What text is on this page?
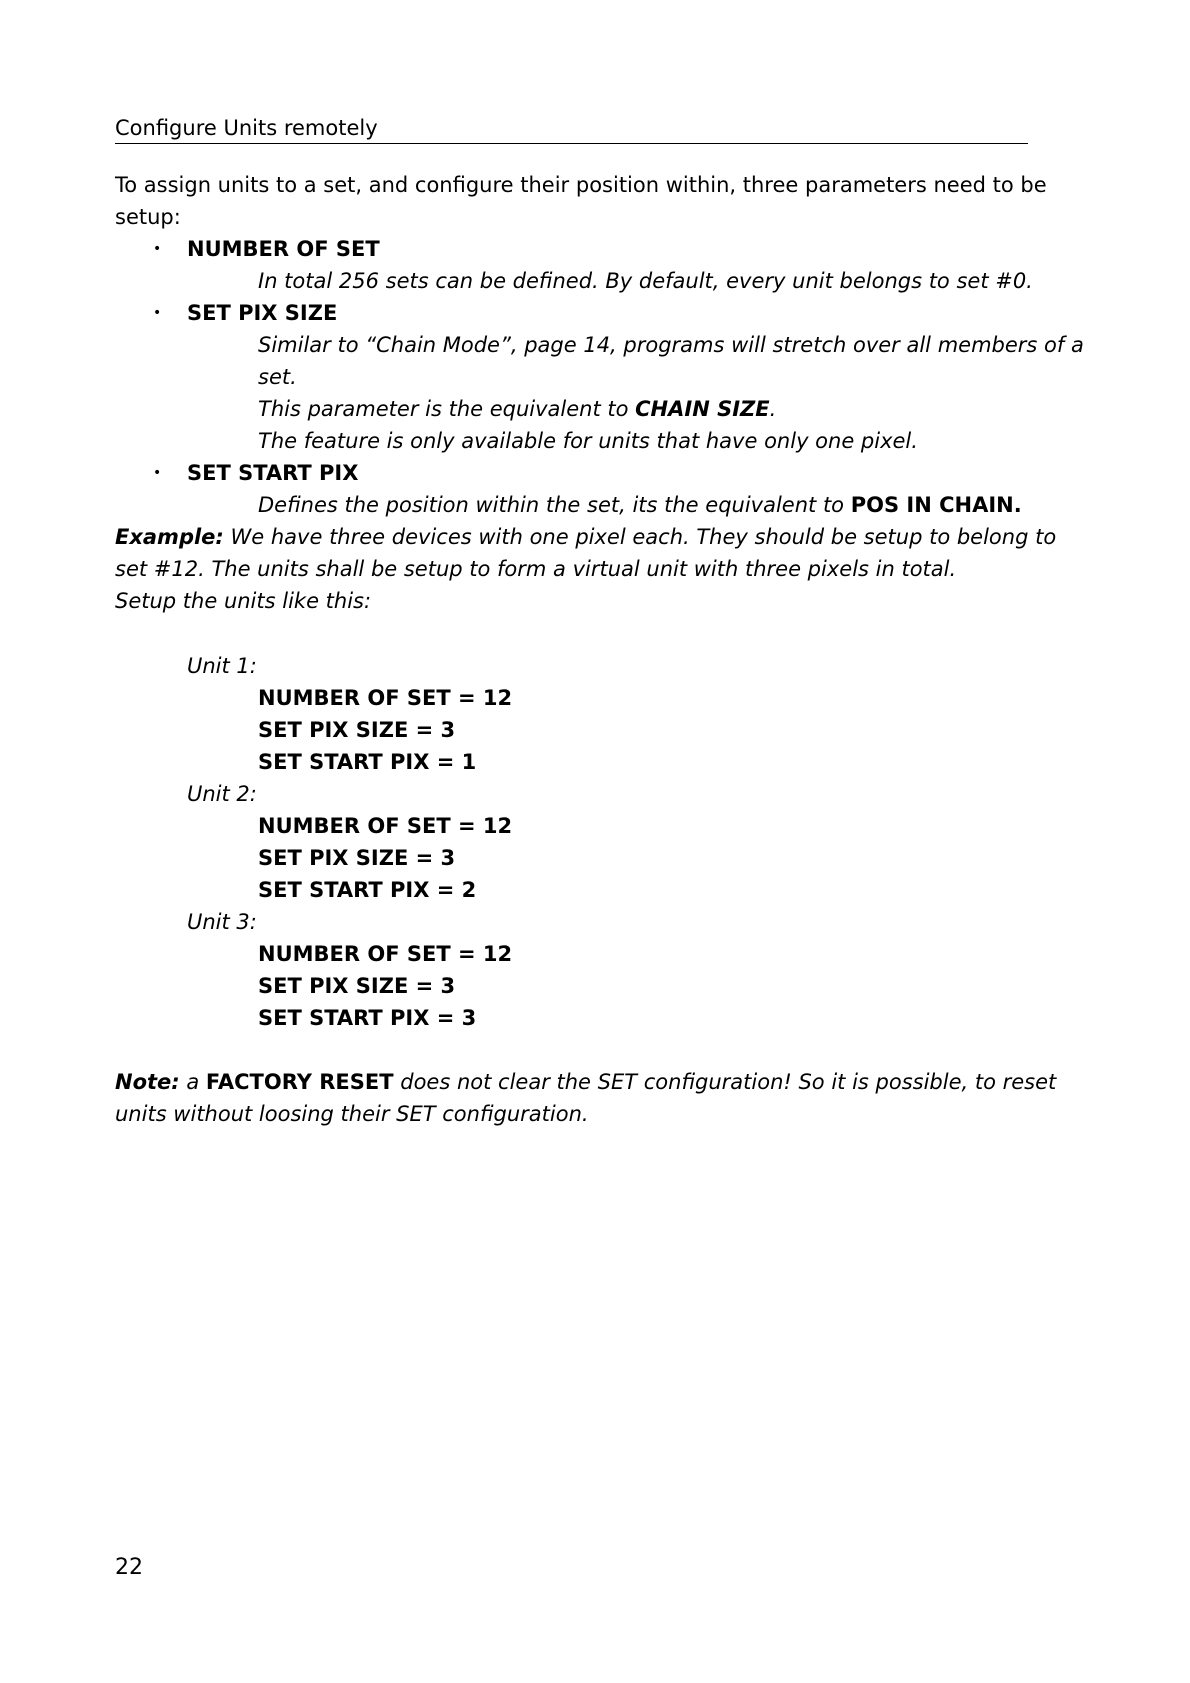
Configure Units remotely
To assign units to a set, and configure their position within, three parameters need to be
setup:
• NUMBER OF SET
In total 256 sets can be defined. By default, every unit belongs to set #0.
• SET PIX SIZE
Similar to “Chain Mode”, page 14, programs will stretch over all members of a
set.
This parameter is the equivalent to CHAIN SIZE.
The feature is only available for units that have only one pixel.
• SET START PIX
Defines the position within the set, its the equivalent to POS IN CHAIN.
Example: We have three devices with one pixel each. They should be setup to belong to
set #12. The units shall be setup to form a virtual unit with three pixels in total.
Setup the units like this:
Unit 1:
NUMBER OF SET = 12
SET PIX SIZE = 3
SET START PIX = 1
Unit 2:
NUMBER OF SET = 12
SET PIX SIZE = 3
SET START PIX = 2
Unit 3:
NUMBER OF SET = 12
SET PIX SIZE = 3
SET START PIX = 3
Note: a FACTORY RESET does not clear the SET configuration! So it is possible, to reset
units without loosing their SET configuration.
22
